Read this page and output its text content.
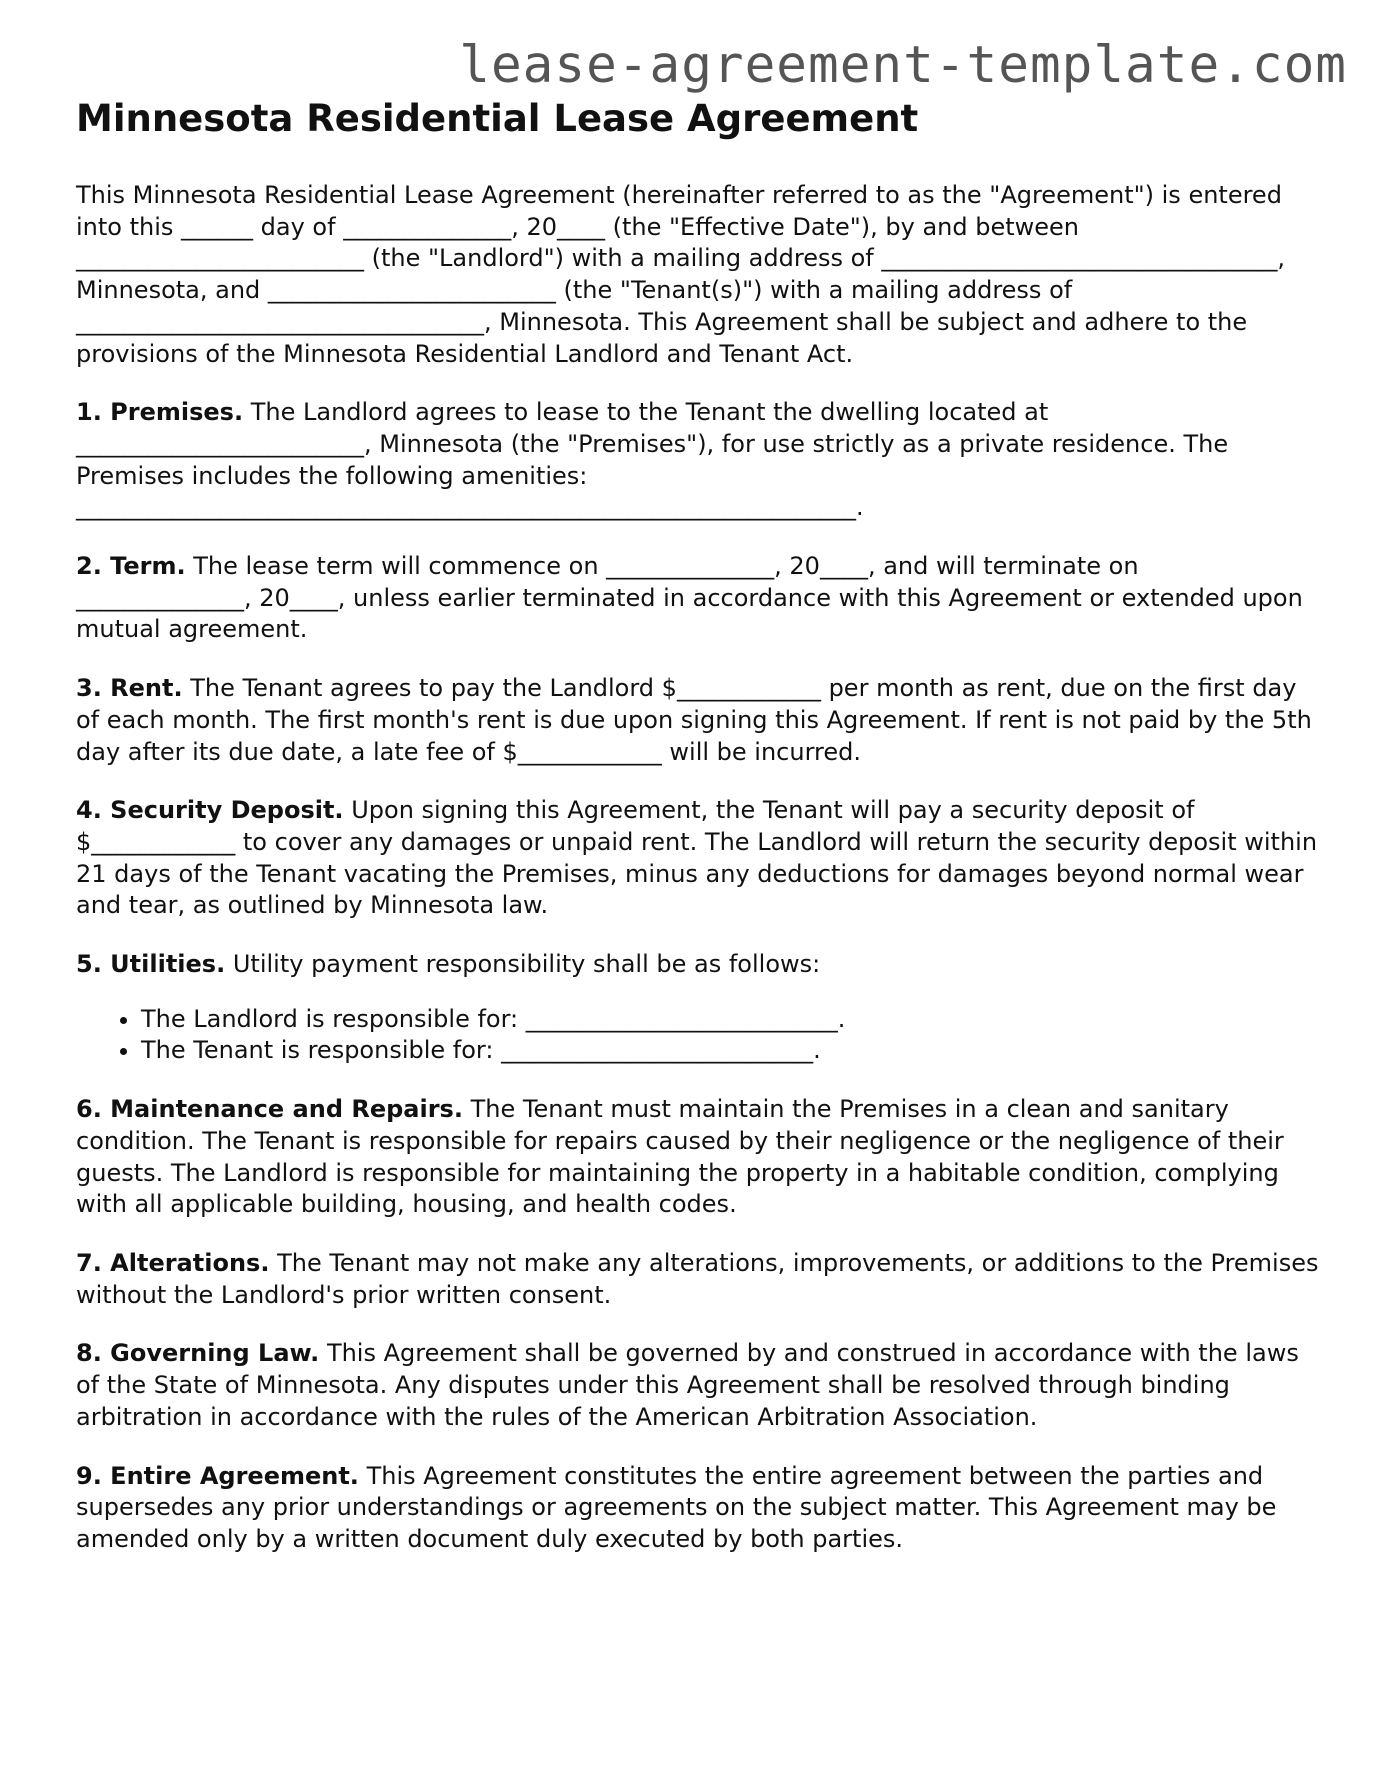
lease-agreement-template.com
Minnesota Residential Lease Agreement

This Minnesota Residential Lease Agreement (hereinafter referred to as the "Agreement") is entered into this ______ day of ______________, 20____ (the "Effective Date"), by and between ________________________ (the "Landlord") with a mailing address of _________________________________, Minnesota, and ________________________ (the "Tenant(s)") with a mailing address of __________________________________, Minnesota. This Agreement shall be subject and adhere to the provisions of the Minnesota Residential Landlord and Tenant Act.

1. Premises. The Landlord agrees to lease to the Tenant the dwelling located at ________________________, Minnesota (the "Premises"), for use strictly as a private residence. The Premises includes the following amenities: _________________________________________________________________.

2. Term. The lease term will commence on ______________, 20____, and will terminate on ______________, 20____, unless earlier terminated in accordance with this Agreement or extended upon mutual agreement.

3. Rent. The Tenant agrees to pay the Landlord $____________ per month as rent, due on the first day of each month. The first month's rent is due upon signing this Agreement. If rent is not paid by the 5th day after its due date, a late fee of $____________ will be incurred.

4. Security Deposit. Upon signing this Agreement, the Tenant will pay a security deposit of $____________ to cover any damages or unpaid rent. The Landlord will return the security deposit within 21 days of the Tenant vacating the Premises, minus any deductions for damages beyond normal wear and tear, as outlined by Minnesota law.

5. Utilities. Utility payment responsibility shall be as follows:

• The Landlord is responsible for: __________________________.
• The Tenant is responsible for: __________________________.

6. Maintenance and Repairs. The Tenant must maintain the Premises in a clean and sanitary condition. The Tenant is responsible for repairs caused by their negligence or the negligence of their guests. The Landlord is responsible for maintaining the property in a habitable condition, complying with all applicable building, housing, and health codes.

7. Alterations. The Tenant may not make any alterations, improvements, or additions to the Premises without the Landlord's prior written consent.

8. Governing Law. This Agreement shall be governed by and construed in accordance with the laws of the State of Minnesota. Any disputes under this Agreement shall be resolved through binding arbitration in accordance with the rules of the American Arbitration Association.

9. Entire Agreement. This Agreement constitutes the entire agreement between the parties and supersedes any prior understandings or agreements on the subject matter. This Agreement may be amended only by a written document duly executed by both parties.
